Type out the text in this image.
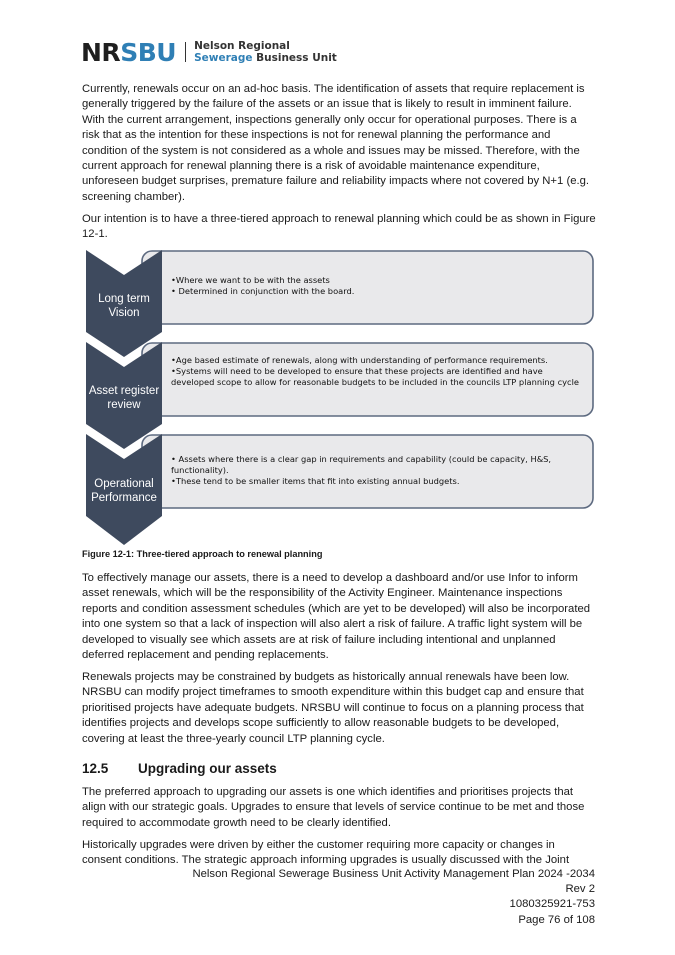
NRSBU Nelson Regional
Sewerage Business Unit

Currently, renewals occur on an ad-hoc basis. The identification of assets that require replacement is generally triggered by the failure of the assets or an issue that is likely to result in imminent failure. With the current arrangement, inspections generally only occur for operational purposes. There is a risk that as the intention for these inspections is not for renewal planning the performance and condition of the system is not considered as a whole and issues may be missed. Therefore, with the current approach for renewal planning there is a risk of avoidable maintenance expenditure, unforeseen budget surprises, premature failure and reliability impacts where not covered by N+1 (e.g. screening chamber).

Our intention is to have a three-tiered approach to renewal planning which could be as shown in Figure 12-1.

Long term
Vision
Asset register
review
Operational
Performance
•Where we want to be with the assets
• Determined in conjunction with the board.
•Age based estimate of renewals, along with understanding of performance requirements.
•Systems will need to be developed to ensure that these projects are identified and have developed scope to allow for reasonable budgets to be included in the councils LTP planning cycle
• Assets where there is a clear gap in requirements and capability (could be capacity, H&S, functionality).
•These tend to be smaller items that fit into existing annual budgets.
Figure 12-1: Three-tiered approach to renewal planning

To effectively manage our assets, there is a need to develop a dashboard and/or use Infor to inform asset renewals, which will be the responsibility of the Activity Engineer. Maintenance inspections reports and condition assessment schedules (which are yet to be developed) will also be incorporated into one system so that a lack of inspection will also alert a risk of failure. A traffic light system will be developed to visually see which assets are at risk of failure including intentional and unplanned deferred replacement and pending replacements.

Renewals projects may be constrained by budgets as historically annual renewals have been low. NRSBU can modify project timeframes to smooth expenditure within this budget cap and ensure that prioritised projects have adequate budgets. NRSBU will continue to focus on a planning process that identifies projects and develops scope sufficiently to allow reasonable budgets to be developed, covering at least the three-yearly council LTP planning cycle.

12.5 Upgrading our assets

The preferred approach to upgrading our assets is one which identifies and prioritises projects that align with our strategic goals. Upgrades to ensure that levels of service continue to be met and those required to accommodate growth need to be clearly identified.

Historically upgrades were driven by either the customer requiring more capacity or changes in consent conditions. The strategic approach informing upgrades is usually discussed with the Joint

Nelson Regional Sewerage Business Unit Activity Management Plan 2024 -2034
Rev 2
1080325921-753
Page 76 of 108
